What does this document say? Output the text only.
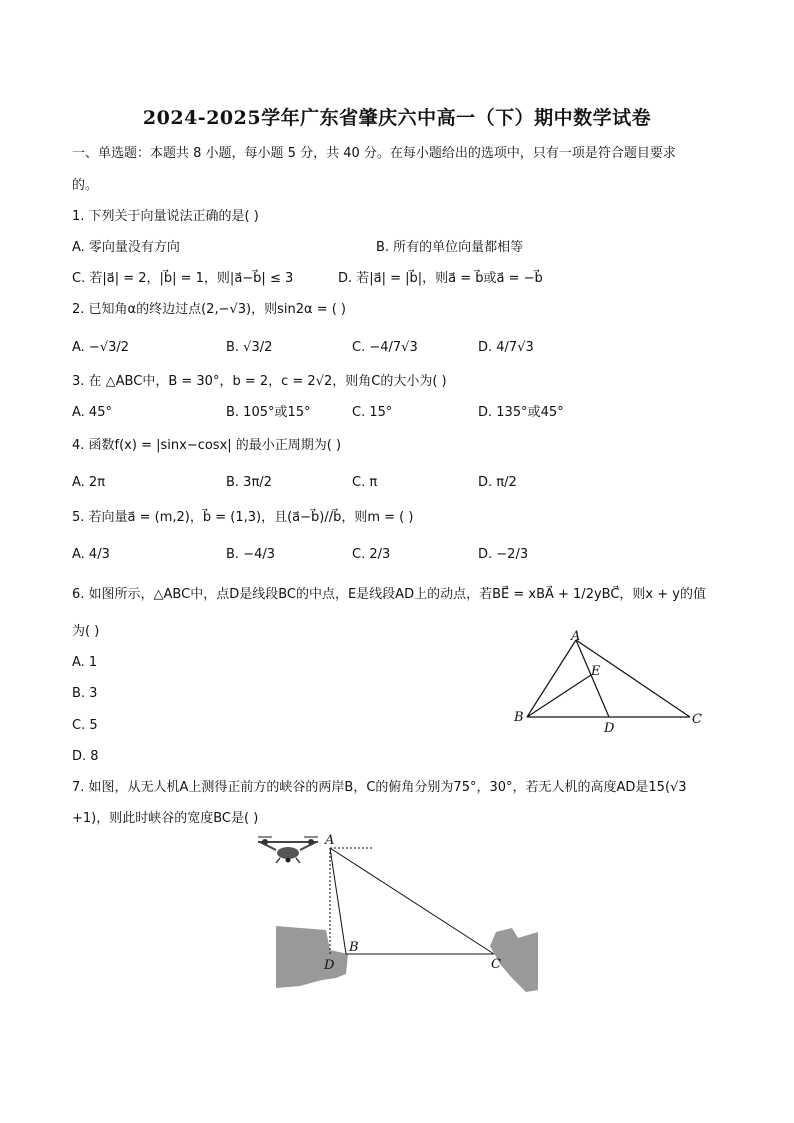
2024-2025学年广东省肇庆六中高一（下）期中数学试卷
一、单选题：本题共 8 小题，每小题 5 分，共 40 分。在每小题给出的选项中，只有一项是符合题目要求
的。
1. 下列关于向量说法正确的是( )
A. 零向量没有方向	B. 所有的单位向量都相等
C. 若|a⃗| = 2，|b⃗| = 1，则|a⃗−b⃗| ≤ 3	D. 若|a⃗| = |b⃗|，则a⃗ = b⃗或a⃗ = −b⃗
2. 已知角α的终边过点(2,−√3)，则sin2α = ( )
A. −√3/2	B. √3/2	C. −4/7√3	D. 4/7√3
3. 在 △ABC中，B = 30°，b = 2，c = 2√2，则角C的大小为( )
A. 45°	B. 105°或15°	C. 15°	D. 135°或45°
4. 函数f(x) = |sinx−cosx| 的最小正周期为( )
A. 2π	B. 3π/2	C. π	D. π/2
5. 若向量a⃗ = (m,2)，b⃗ = (1,3)，且(a⃗−b⃗)//b⃗，则m = ( )
A. 4/3	B. −4/3	C. 2/3	D. −2/3
6. 如图所示，△ABC中，点D是线段BC的中点，E是线段AD上的动点，若BE⃗ = xBA⃗ + 1/2yBC⃗，则x + y的值
为( )
A. 1
B. 3
C. 5
D. 8
A
E
B
D
C
7. 如图，从无人机A上测得正前方的峡谷的两岸B，C的俯角分别为75°，30°，若无人机的高度AD是15(√3
+1)，则此时峡谷的宽度BC是( )
A
B
D	C
